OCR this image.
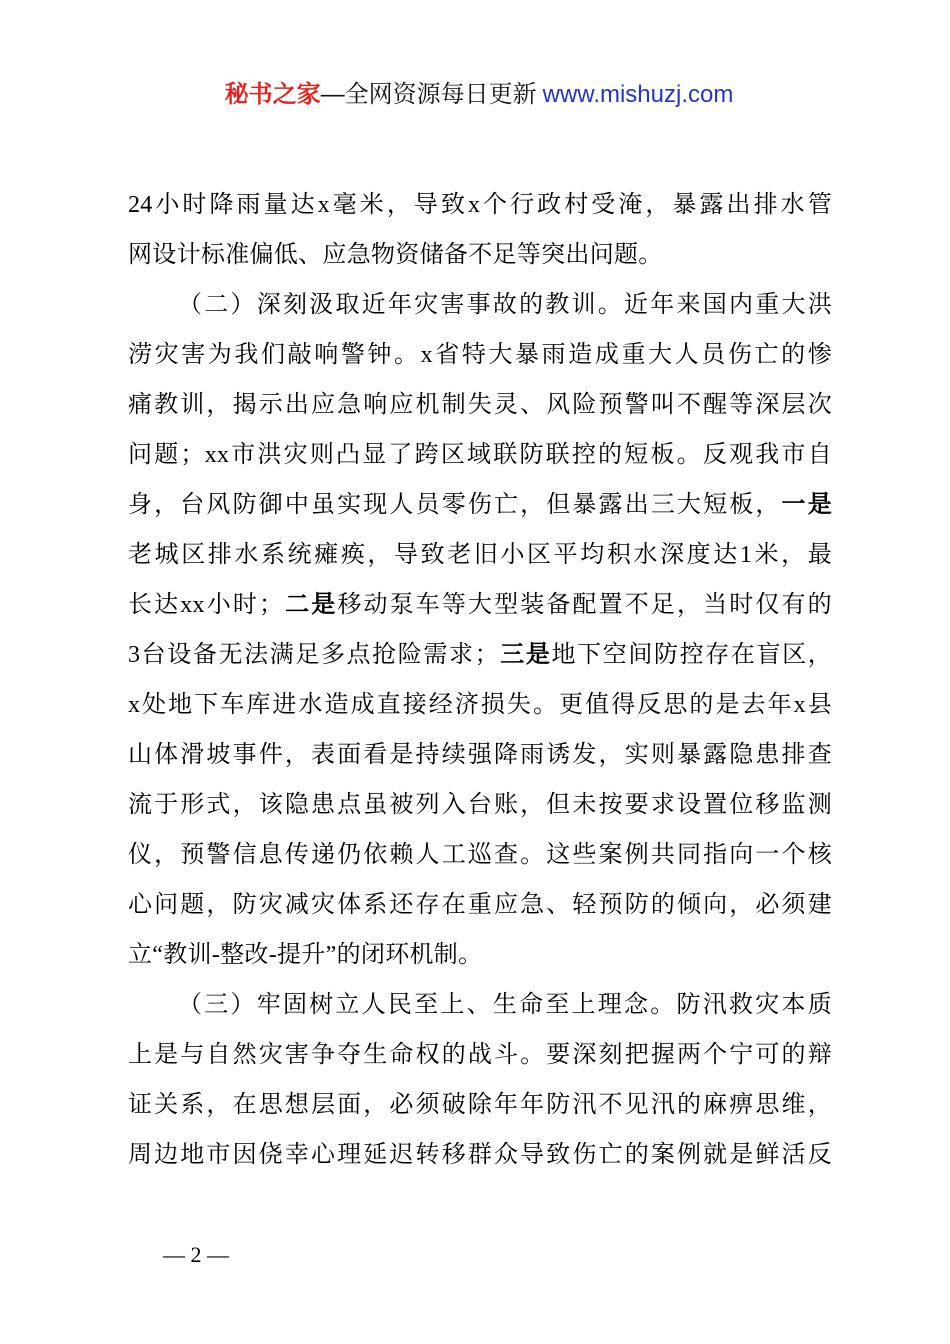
秘书之家—全网资源每日更新 www.mishuzj.com
24小时降雨量达x毫米，导致x个行政村受淹，暴露出排水管
网设计标准偏低、应急物资储备不足等突出问题。
（二）深刻汲取近年灾害事故的教训。近年来国内重大洪
涝灾害为我们敲响警钟。x省特大暴雨造成重大人员伤亡的惨
痛教训，揭示出应急响应机制失灵、风险预警叫不醒等深层次
问题；xx市洪灾则凸显了跨区域联防联控的短板。反观我市自
身，台风防御中虽实现人员零伤亡，但暴露出三大短板，一是
老城区排水系统瘫痪，导致老旧小区平均积水深度达1米，最
长达xx小时；二是移动泵车等大型装备配置不足，当时仅有的
3台设备无法满足多点抢险需求；三是地下空间防控存在盲区，
x处地下车库进水造成直接经济损失。更值得反思的是去年x县
山体滑坡事件，表面看是持续强降雨诱发，实则暴露隐患排查
流于形式，该隐患点虽被列入台账，但未按要求设置位移监测
仪，预警信息传递仍依赖人工巡查。这些案例共同指向一个核
心问题，防灾减灾体系还存在重应急、轻预防的倾向，必须建
立“教训-整改-提升”的闭环机制。
（三）牢固树立人民至上、生命至上理念。防汛救灾本质
上是与自然灾害争夺生命权的战斗。要深刻把握两个宁可的辩
证关系，在思想层面，必须破除年年防汛不见汛的麻痹思维，
周边地市因侥幸心理延迟转移群众导致伤亡的案例就是鲜活反
— 2 —
